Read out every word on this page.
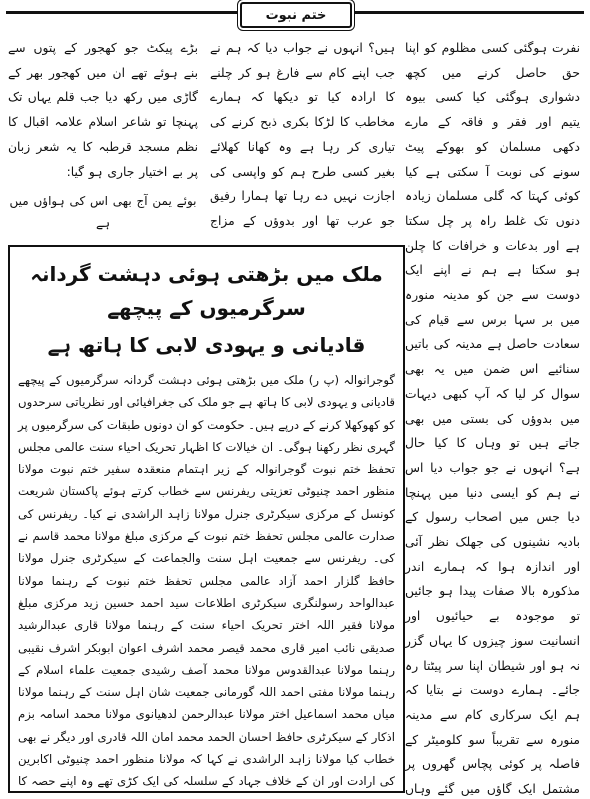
ختم نبوت

نفرت ہوگئی کسی مظلوم کو اپنا حق حاصل کرنے میں کچھ دشواری ہوگئی کیا کسی بیوہ یتیم اور فقر و فاقہ کے مارے دکھی مسلمان کو بھوکے پیٹ سونے کی نوبت آ سکتی ہے کیا کوئی کہتا کہ گلی مسلمان زیادہ دنوں تک غلط راہ پر چل سکتا ہے اور بدعات و خرافات کا چلن ہو سکتا ہے ہم نے اپنے ایک دوست سے جن کو مدینہ منورہ میں بر سہا برس سے قیام کی سعادت حاصل ہے مدینہ کی باتیں سنائیے اس ضمن میں یہ بھی سوال کر لیا کہ آپ کبھی دیہات میں بدوؤں کی بستی میں بھی جاتے ہیں تو وہاں کا کیا حال ہے؟ انہوں نے جو جواب دیا اس نے ہم کو ایسی دنیا میں پہنچا دیا جس میں اصحاب رسول کے بادیہ نشینوں کی جھلک نظر آئی اور اندازہ ہوا کہ ہمارے اندر مذکورہ بالا صفات پیدا ہو جائیں تو موجودہ بے حیائیوں اور انسانیت سوز چیزوں کا یہاں گزر نہ ہو اور شیطان اپنا سر پیٹتا رہ جائے۔ ہمارے دوست نے بتایا کہ ہم ایک سرکاری کام سے مدینہ منورہ سے تقریباً سو کلومیٹر کے فاصلہ پر کوئی پچاس گھروں پر مشتمل ایک گاؤں میں گئے وہاں

ہیں؟ انہوں نے جواب دیا کہ ہم نے جب اپنے کام سے فارغ ہو کر چلنے کا ارادہ کیا تو دیکھا کہ ہمارے مخاطب کا لڑکا بکری ذبح کرنے کی تیاری کر رہا ہے وہ کھانا کھلائے بغیر کسی طرح ہم کو واپسی کی اجازت نہیں دے رہا تھا ہمارا رفیق جو عرب تھا اور بدوؤں کے مزاج

بڑے پیکٹ جو کھجور کے پتوں سے بنے ہوئے تھے ان میں کھجور بھر کے گاڑی میں رکھ دیا جب قلم یہاں تک پہنچا تو شاعر اسلام علامہ اقبال کا نظم مسجد قرطبہ کا یہ شعر زبان پر بے اختیار جاری ہو گیا:

بوئے یمن آج بھی اس کی ہواؤں میں ہے
ملک میں بڑھتی ہوئی دہشت گردانہ سرگرمیوں کے پیچھے
قادیانی و یہودی لابی کا ہاتھ ہے
گوجرانوالہ (پ ر) ملک میں بڑھتی ہوئی دہشت گردانہ سرگرمیوں کے پیچھے قادیانی و یہودی لابی کا ہاتھ ہے جو ملک کی جغرافیائی اور نظریاتی سرحدوں کو کھوکھلا کرنے کے درپے ہیں۔ حکومت کو ان دونوں طبقات کی سرگرمیوں پر گہری نظر رکھنا ہوگی۔ ان خیالات کا اظہار تحریک احیاء سنت عالمی مجلس تحفظ ختم نبوت گوجرانوالہ کے زیر اہتمام منعقدہ سفیر ختم نبوت مولانا منظور احمد چنیوٹی تعزیتی ریفرنس سے خطاب کرتے ہوئے پاکستان شریعت کونسل کے مرکزی سیکرٹری جنرل مولانا زاہد الراشدی نے کیا۔ ریفرنس کی صدارت عالمی مجلس تحفظ ختم نبوت کے مرکزی مبلغ مولانا محمد قاسم نے کی۔ ریفرنس سے جمعیت اہل سنت والجماعت کے سیکرٹری جنرل مولانا حافظ گلزار احمد آزاد عالمی مجلس تحفظ ختم نبوت کے رہنما مولانا عبدالواحد رسولنگری سیکرٹری اطلاعات سید احمد حسین زید مرکزی مبلغ مولانا فقیر اللہ اختر تحریک احیاء سنت کے رہنما مولانا قاری عبدالرشید صدیقی نائب امیر قاری محمد قیصر محمد اشرف اعوان ابوبکر اشرف نقیبی رہنما مولانا عبدالقدوس مولانا محمد آصف رشیدی جمعیت علماء اسلام کے رہنما مولانا مفتی احمد اللہ گورمانی جمعیت شان اہل سنت کے رہنما مولانا میاں محمد اسماعیل اختر مولانا عبدالرحمن لدھیانوی مولانا محمد اسامہ بزم اذکار کے سیکرٹری حافظ احسان الحمد محمد امان اللہ قادری اور دیگر نے بھی خطاب کیا مولانا زاہد الراشدی نے کہا کہ مولانا منظور احمد چنیوٹی اکابرین کی ارادت اور ان کے خلاف جہاد کے سلسلہ کی ایک کڑی تھے وہ اپنے حصہ کا
